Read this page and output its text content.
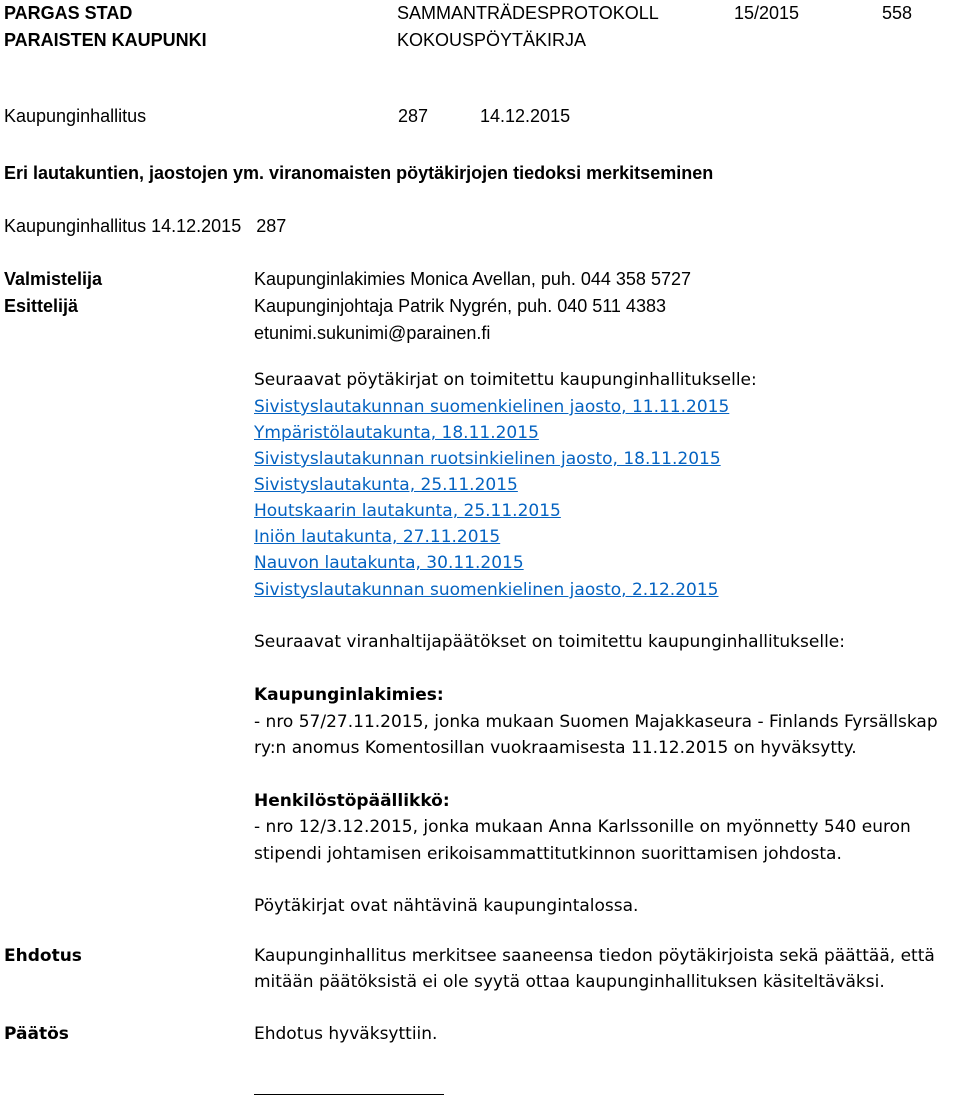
PARGAS STAD
PARAISTEN KAUPUNKI
SAMMANTRÄDESPROTOKOLL
KOKOUSPÖYTÄKIRJA
15/2015	558
Kaupunginhallitus	287	14.12.2015
Eri lautakuntien, jaostojen ym. viranomaisten pöytäkirjojen tiedoksi merkitseminen
Kaupunginhallitus 14.12.2015 287
Valmistelija	Kaupunginlakimies Monica Avellan, puh. 044 358 5727
Esittelijä	Kaupunginjohtaja Patrik Nygrén, puh. 040 511 4383
etunimi.sukunimi@parainen.fi
Seuraavat pöytäkirjat on toimitettu kaupunginhallitukselle:
Sivistyslautakunnan suomenkielinen jaosto, 11.11.2015
Ympäristölautakunta, 18.11.2015
Sivistyslautakunnan ruotsinkielinen jaosto, 18.11.2015
Sivistyslautakunta, 25.11.2015
Houtskaarin lautakunta, 25.11.2015
Iniön lautakunta, 27.11.2015
Nauvon lautakunta, 30.11.2015
Sivistyslautakunnan suomenkielinen jaosto, 2.12.2015
Seuraavat viranhaltijapäätökset on toimitettu kaupunginhallitukselle:
Kaupunginlakimies:
- nro 57/27.11.2015, jonka mukaan Suomen Majakkaseura - Finlands Fyrsällskap
ry:n anomus Komentosillan vuokraamisesta 11.12.2015 on hyväksytty.
Henkilöstöpäällikkö:
- nro 12/3.12.2015, jonka mukaan Anna Karlssonille on myönnetty 540 euron
stipendi johtamisen erikoisammattitutkinnon suorittamisen johdosta.
Pöytäkirjat ovat nähtävinä kaupungintalossa.
Ehdotus	Kaupunginhallitus merkitsee saaneensa tiedon pöytäkirjoista sekä päättää, että
mitään päätöksistä ei ole syytä ottaa kaupunginhallituksen käsiteltäväksi.
Päätös	Ehdotus hyväksyttiin.
